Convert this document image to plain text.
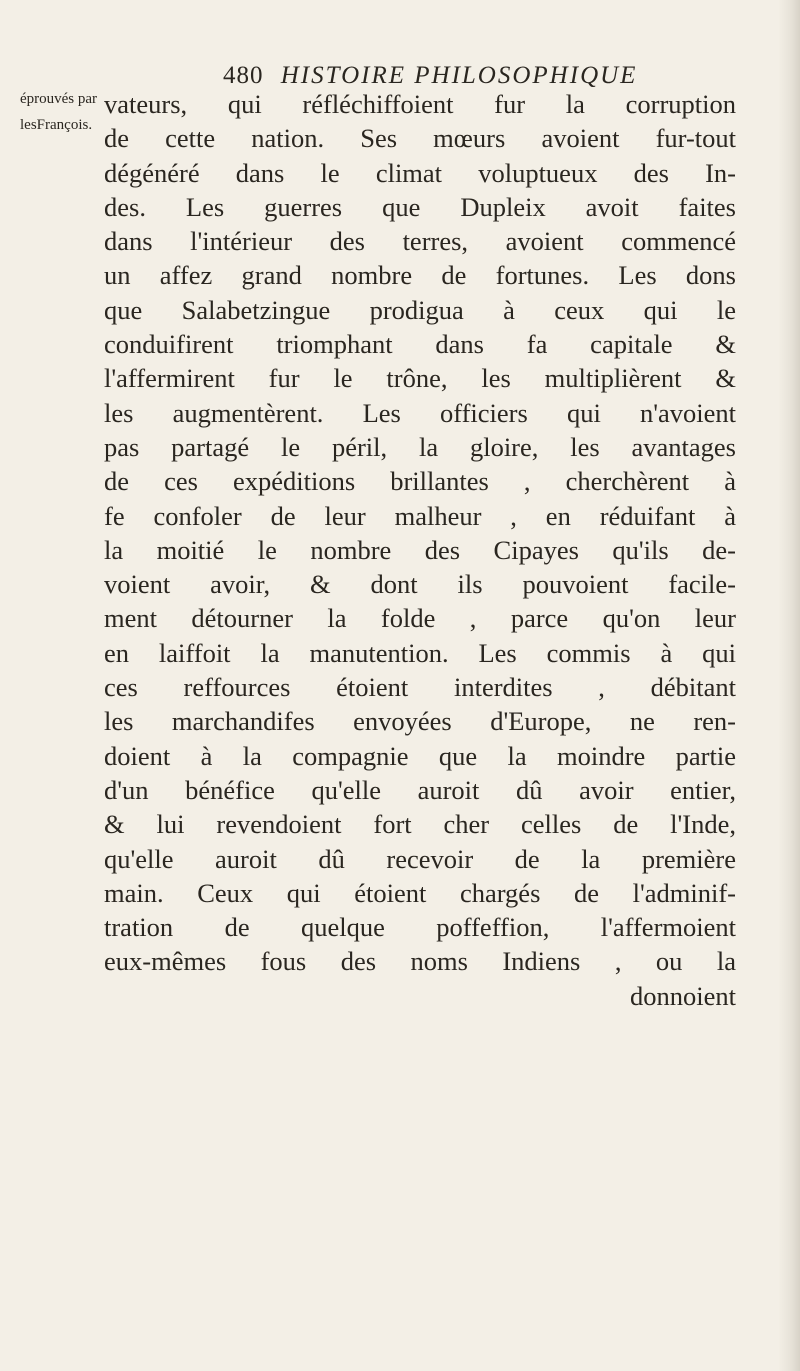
480 HISTOIRE PHILOSOPHIQUE
éprouvés par
lesFrançois.
vateurs, qui réfléchiffoient fur la corruption
de cette nation. Ses mœurs avoient fur-tout
dégénéré dans le climat voluptueux des In-
des. Les guerres que Dupleix avoit faites
dans l'intérieur des terres, avoient commencé
un affez grand nombre de fortunes. Les dons
que Salabetzingue prodigua à ceux qui le
conduifirent triomphant dans fa capitale &
l'affermirent fur le trône, les multiplièrent &
les augmentèrent. Les officiers qui n'avoient
pas partagé le péril, la gloire, les avantages
de ces expéditions brillantes , cherchèrent à
fe confoler de leur malheur , en réduifant à
la moitié le nombre des Cipayes qu'ils de-
voient avoir, & dont ils pouvoient facile-
ment détourner la folde , parce qu'on leur
en laiffoit la manutention. Les commis à qui
ces reffources étoient interdites , débitant
les marchandifes envoyées d'Europe, ne ren-
doient à la compagnie que la moindre partie
d'un bénéfice qu'elle auroit dû avoir entier,
& lui revendoient fort cher celles de l'Inde,
qu'elle auroit dû recevoir de la première
main. Ceux qui étoient chargés de l'adminif-
tration de quelque poffeffion, l'affermoient
eux-mêmes fous des noms Indiens , ou la
donnoient
